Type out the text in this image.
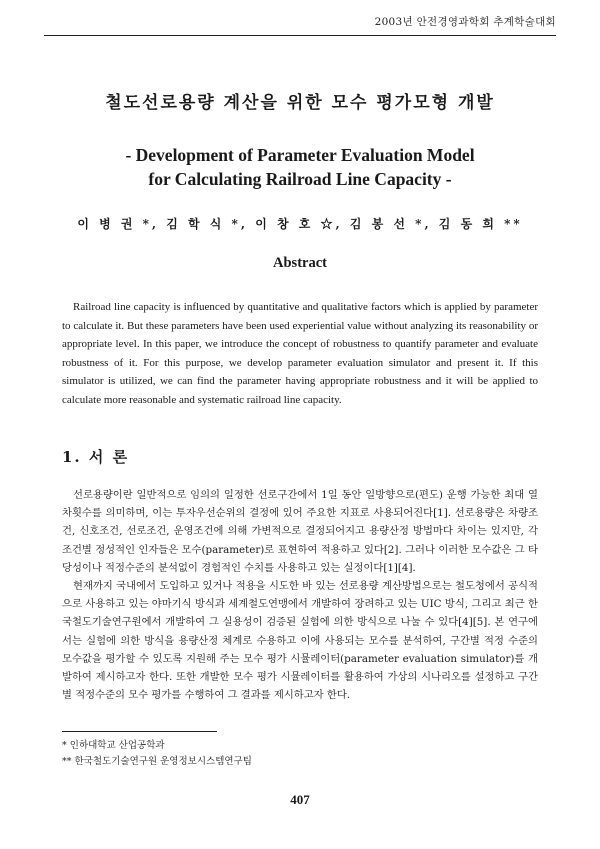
2003년 안전경영과학회 추계학술대회
철도선로용량 계산을 위한 모수 평가모형 개발
- Development of Parameter Evaluation Model
for Calculating Railroad Line Capacity -
이 병 권 *, 김 학 식 *, 이 창 호 ☆, 김 봉 선 *, 김 동 희 **
Abstract
Railroad line capacity is influenced by quantitative and qualitative factors which is applied by parameter to calculate it. But these parameters have been used experiential value without analyzing its reasonability or appropriate level. In this paper, we introduce the concept of robustness to quantify parameter and evaluate robustness of it. For this purpose, we develop parameter evaluation simulator and present it. If this simulator is utilized, we can find the parameter having appropriate robustness and it will be applied to calculate more reasonable and systematic railroad line capacity.
1. 서 론
선로용량이란 일반적으로 임의의 일정한 선로구간에서 1일 동안 일방향으로(편도) 운행 가능한 최대 열차횟수를 의미하며, 이는 투자우선순위의 결정에 있어 주요한 지표로 사용되어진다[1]. 선로용량은 차량조건, 신호조건, 선로조건, 운영조건에 의해 가변적으로 결정되어지고 용량산정 방법마다 차이는 있지만, 각 조건별 정성적인 인자들은 모수(parameter)로 표현하여 적용하고 있다[2]. 그러나 이러한 모수값은 그 타당성이나 적정수준의 분석없이 경험적인 수치를 사용하고 있는 실정이다[1][4].
현재까지 국내에서 도입하고 있거나 적용을 시도한 바 있는 선로용량 계산방법으로는 철도청에서 공식적으로 사용하고 있는 야마기식 방식과 세계철도연맹에서 개발하여 장려하고 있는 UIC 방식, 그리고 최근 한국철도기술연구원에서 개발하여 그 실용성이 검증된 실험에 의한 방식으로 나눌 수 있다[4][5]. 본 연구에서는 실험에 의한 방식을 용량산정 체계로 수용하고 이에 사용되는 모수를 분석하여, 구간별 적정 수준의 모수값을 평가할 수 있도록 지원해 주는 모수 평가 시뮬레이터(parameter evaluation simulator)를 개발하여 제시하고자 한다. 또한 개발한 모수 평가 시뮬레이터를 활용하여 가상의 시나리오를 설정하고 구간별 적정수준의 모수 평가를 수행하여 그 결과를 제시하고자 한다.
* 인하대학교 산업공학과
** 한국철도기술연구원 운영정보시스템연구팀
407
